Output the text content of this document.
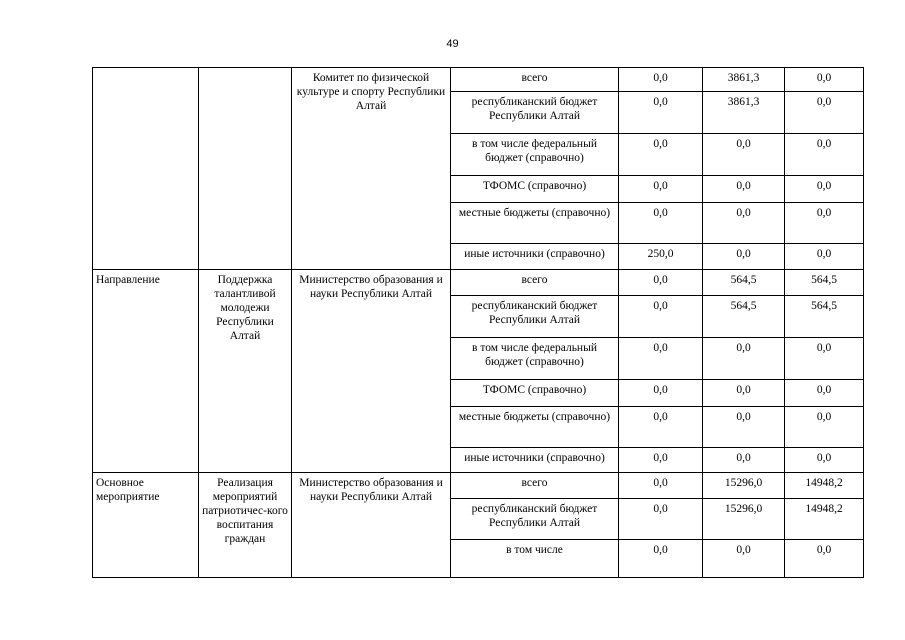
49
		Комитет по физической культуре и спорту Республики Алтай	всего	0,0	3861,3	0,0
			республиканский бюджет Республики Алтай	0,0	3861,3	0,0
			в том числе федеральный бюджет (справочно)	0,0	0,0	0,0
			ТФОМС (справочно)	0,0	0,0	0,0
			местные бюджеты (справочно)	0,0	0,0	0,0
			иные источники (справочно)	250,0	0,0	0,0
Направление	Поддержка талантливой молодежи Республики Алтай	Министерство образования и науки Республики Алтай	всего	0,0	564,5	564,5
			республиканский бюджет Республики Алтай	0,0	564,5	564,5
			в том числе федеральный бюджет (справочно)	0,0	0,0	0,0
			ТФОМС (справочно)	0,0	0,0	0,0
			местные бюджеты (справочно)	0,0	0,0	0,0
			иные источники (справочно)	0,0	0,0	0,0
Основное мероприятие	Реализация мероприятий патриотичес-кого воспитания граждан	Министерство образования и науки Республики Алтай	всего	0,0	15296,0	14948,2
			республиканский бюджет Республики Алтай	0,0	15296,0	14948,2
			в том числе	0,0	0,0	0,0
